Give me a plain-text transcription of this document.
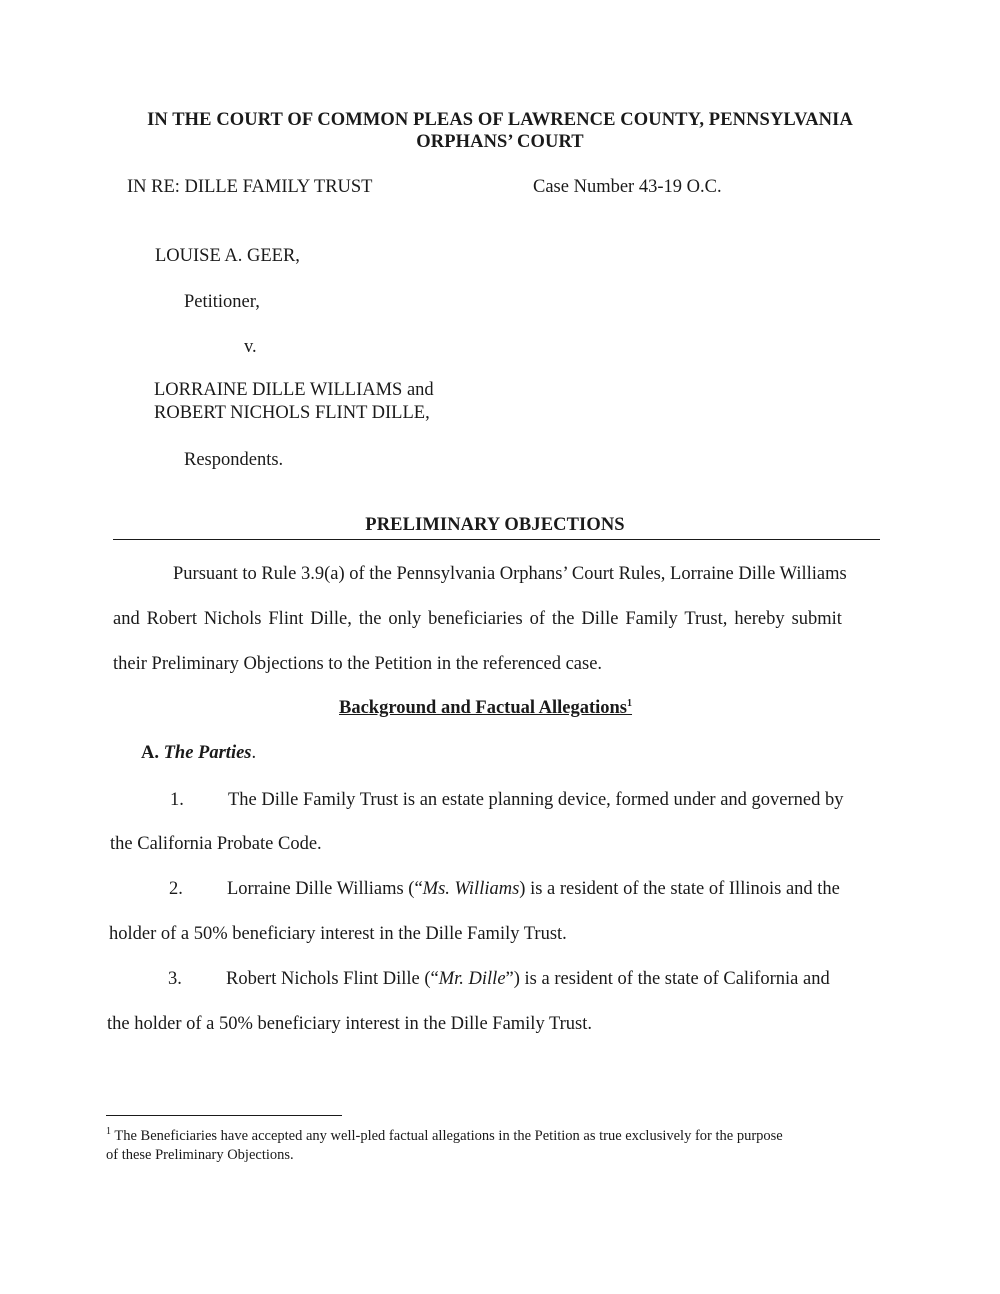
IN THE COURT OF COMMON PLEAS OF LAWRENCE COUNTY, PENNSYLVANIA
ORPHANS’ COURT
IN RE: DILLE FAMILY TRUST	Case Number 43-19 O.C.
LOUISE A. GEER,
Petitioner,
v.
LORRAINE DILLE WILLIAMS and
ROBERT NICHOLS FLINT DILLE,
Respondents.
PRELIMINARY OBJECTIONS
Pursuant to Rule 3.9(a) of the Pennsylvania Orphans’ Court Rules, Lorraine Dille Williams
and Robert Nichols Flint Dille, the only beneficiaries of the Dille Family Trust, hereby submit
their Preliminary Objections to the Petition in the referenced case.
Background and Factual Allegations$^1$
A. The Parties.
1. The Dille Family Trust is an estate planning device, formed under and governed by
the California Probate Code.
2. Lorraine Dille Williams (“Ms. Williams) is a resident of the state of Illinois and the
holder of a 50% beneficiary interest in the Dille Family Trust.
3. Robert Nichols Flint Dille (“Mr. Dille”) is a resident of the state of California and
the holder of a 50% beneficiary interest in the Dille Family Trust.
$^1$ The Beneficiaries have accepted any well-pled factual allegations in the Petition as true exclusively for the purpose
of these Preliminary Objections.
